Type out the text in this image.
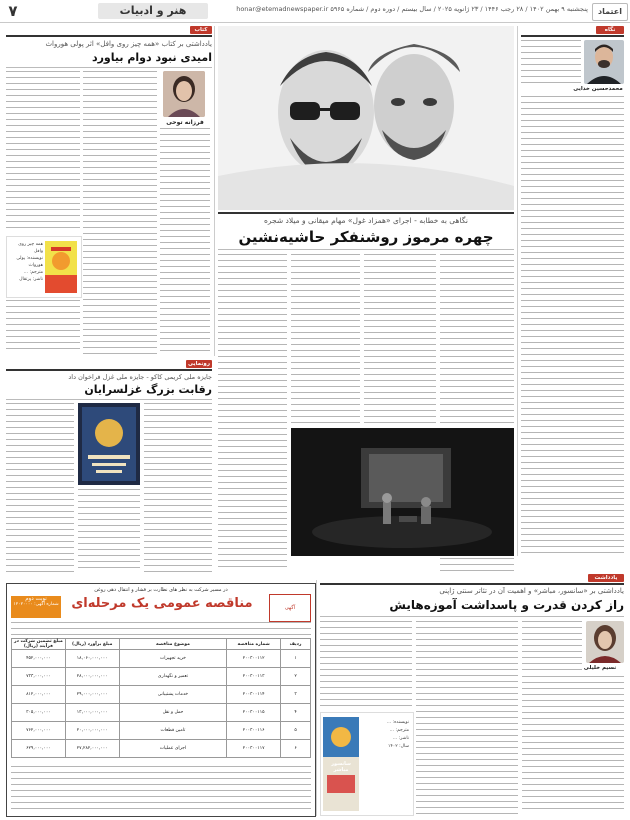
۷	هنر و ادبیات	پنجشنبه ۹ بهمن ۱۴۰۲ / ۲۸ رجب ۱۴۴۶ / ۲۳ ژانویه ۲۰۲۵ / سال بیستم / دوره دوم / شماره ۵۹۶۵ honar@etemadnewspaper.ir	اعتماد
کتاب
یادداشتی بر کتاب «همه چیز روی وافل» اثر پولی هورواث
امیدی نبود دوام بیاورد
فرزانه توحی
همه چیز روی وافل
نویسنده: پولی هورواث
مترجم: ...
ناشر: پرتقال
رونمایی
جایزه ملی کریمی کاکو - جایزه ملی غزل فراخوان داد
رقابت بزرگ غزلسرایان
نگاه
محمدحسین خدایی
نگاهی به خطابه - اجرای «همزاد غول» مهام میقانی و میلاد شجره
چهره مرموز روشنفکر حاشیه‌نشین
یادداشت
یادداشتی بر «سانسور، مباشر» و اهمیت آن در تئاتر سنتی ژاپنی
راز کردن قدرت و پاسداشت آموزه‌هایش
نسیم خلیلی
سانسور مباشر
نویسنده: ...
مترجم: ...
ناشر: ...
سال: ۱۴۰۲
در مسیر شرکت به نظر های نظارت بر فشار و انتقال دهی روغن
نوبت دوم
شماره آگهی: ۱۲۰۲۰۰۰۰ مناقصه عمومی یک مرحله‌ای	آگهی
مبلغ تضمین شرکت در فرآیند (ریال)	مبلغ برآورد (ریال)	موضوع مناقصه	شماره مناقصه	ردیف
۴۵۲,۰۰۰,۰۰۰	۱۸,۰۶۰,۰۰۰,۰۰۰	خرید تجهیزات	۲۰۰۳۰۰۱۱۲	۱
۷۳۳,۰۰۰,۰۰۰	۲۸,۰۰۰,۰۰۰,۰۰۰	تعمیر و نگهداری	۲۰۰۳۰۰۱۱۳	۲
۸۱۲,۰۰۰,۰۰۰	۲۹,۰۰۰,۰۰۰,۰۰۰	خدمات پشتیبانی	۲۰۰۳۰۰۱۱۴	۳
۳۰۵,۰۰۰,۰۰۰	۱۳,۰۰۰,۰۰۰,۰۰۰	حمل و نقل	۲۰۰۳۰۰۱۱۵	۴
۷۶۲,۰۰۰,۰۰۰	۲۰,۰۰۰,۰۰۰,۰۰۰	تامین قطعات	۲۰۰۳۰۰۱۱۶	۵
۶۲۹,۰۰۰,۰۰۰	۲۷,۲۸۲,۰۰۰,۰۰۰	اجرای عملیات	۲۰۰۳۰۰۱۱۷	۶
